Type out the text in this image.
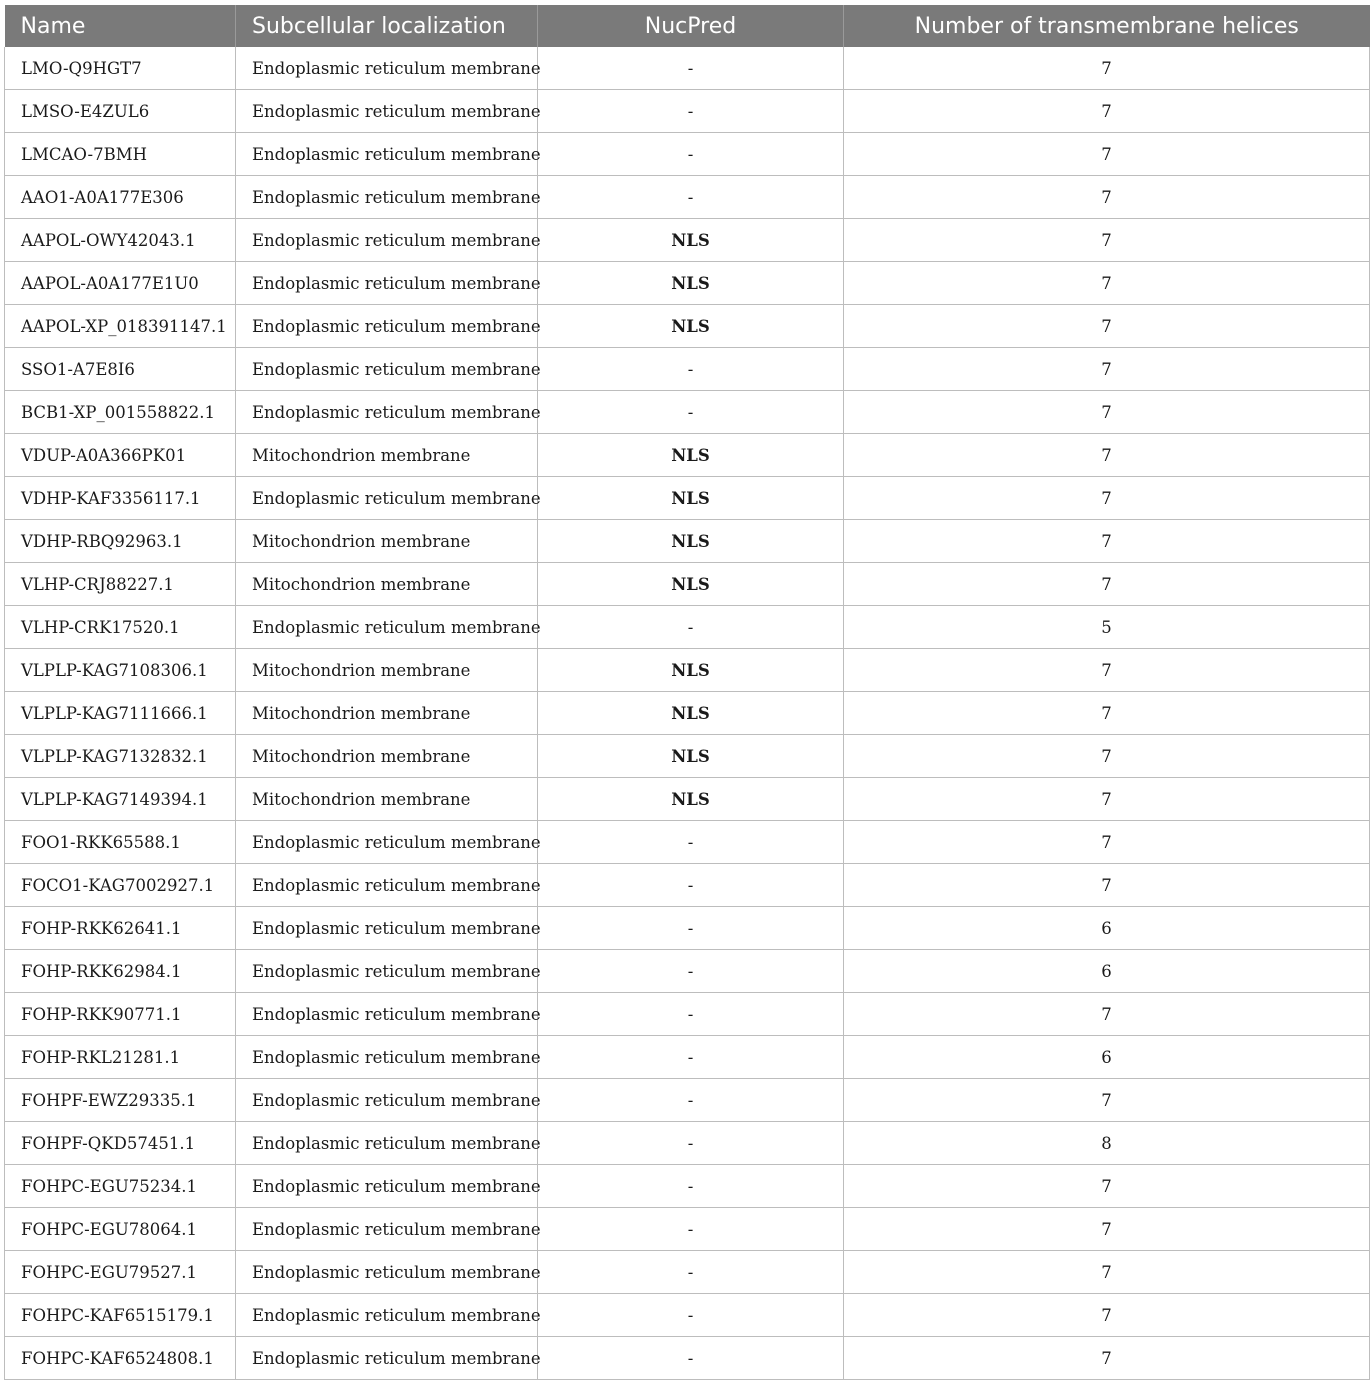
Name	Subcellular localization	NucPred	Number of transmembrane helices
LMO-Q9HGT7	Endoplasmic reticulum membrane	-	7
LMSO-E4ZUL6	Endoplasmic reticulum membrane	-	7
LMCAO-7BMH	Endoplasmic reticulum membrane	-	7
AAO1-A0A177E306	Endoplasmic reticulum membrane	-	7
AAPOL-OWY42043.1	Endoplasmic reticulum membrane	NLS	7
AAPOL-A0A177E1U0	Endoplasmic reticulum membrane	NLS	7
AAPOL-XP_018391147.1	Endoplasmic reticulum membrane	NLS	7
SSO1-A7E8I6	Endoplasmic reticulum membrane	-	7
BCB1-XP_001558822.1	Endoplasmic reticulum membrane	-	7
VDUP-A0A366PK01	Mitochondrion membrane	NLS	7
VDHP-KAF3356117.1	Endoplasmic reticulum membrane	NLS	7
VDHP-RBQ92963.1	Mitochondrion membrane	NLS	7
VLHP-CRJ88227.1	Mitochondrion membrane	NLS	7
VLHP-CRK17520.1	Endoplasmic reticulum membrane	-	5
VLPLP-KAG7108306.1	Mitochondrion membrane	NLS	7
VLPLP-KAG7111666.1	Mitochondrion membrane	NLS	7
VLPLP-KAG7132832.1	Mitochondrion membrane	NLS	7
VLPLP-KAG7149394.1	Mitochondrion membrane	NLS	7
FOO1-RKK65588.1	Endoplasmic reticulum membrane	-	7
FOCO1-KAG7002927.1	Endoplasmic reticulum membrane	-	7
FOHP-RKK62641.1	Endoplasmic reticulum membrane	-	6
FOHP-RKK62984.1	Endoplasmic reticulum membrane	-	6
FOHP-RKK90771.1	Endoplasmic reticulum membrane	-	7
FOHP-RKL21281.1	Endoplasmic reticulum membrane	-	6
FOHPF-EWZ29335.1	Endoplasmic reticulum membrane	-	7
FOHPF-QKD57451.1	Endoplasmic reticulum membrane	-	8
FOHPC-EGU75234.1	Endoplasmic reticulum membrane	-	7
FOHPC-EGU78064.1	Endoplasmic reticulum membrane	-	7
FOHPC-EGU79527.1	Endoplasmic reticulum membrane	-	7
FOHPC-KAF6515179.1	Endoplasmic reticulum membrane	-	7
FOHPC-KAF6524808.1	Endoplasmic reticulum membrane	-	7
